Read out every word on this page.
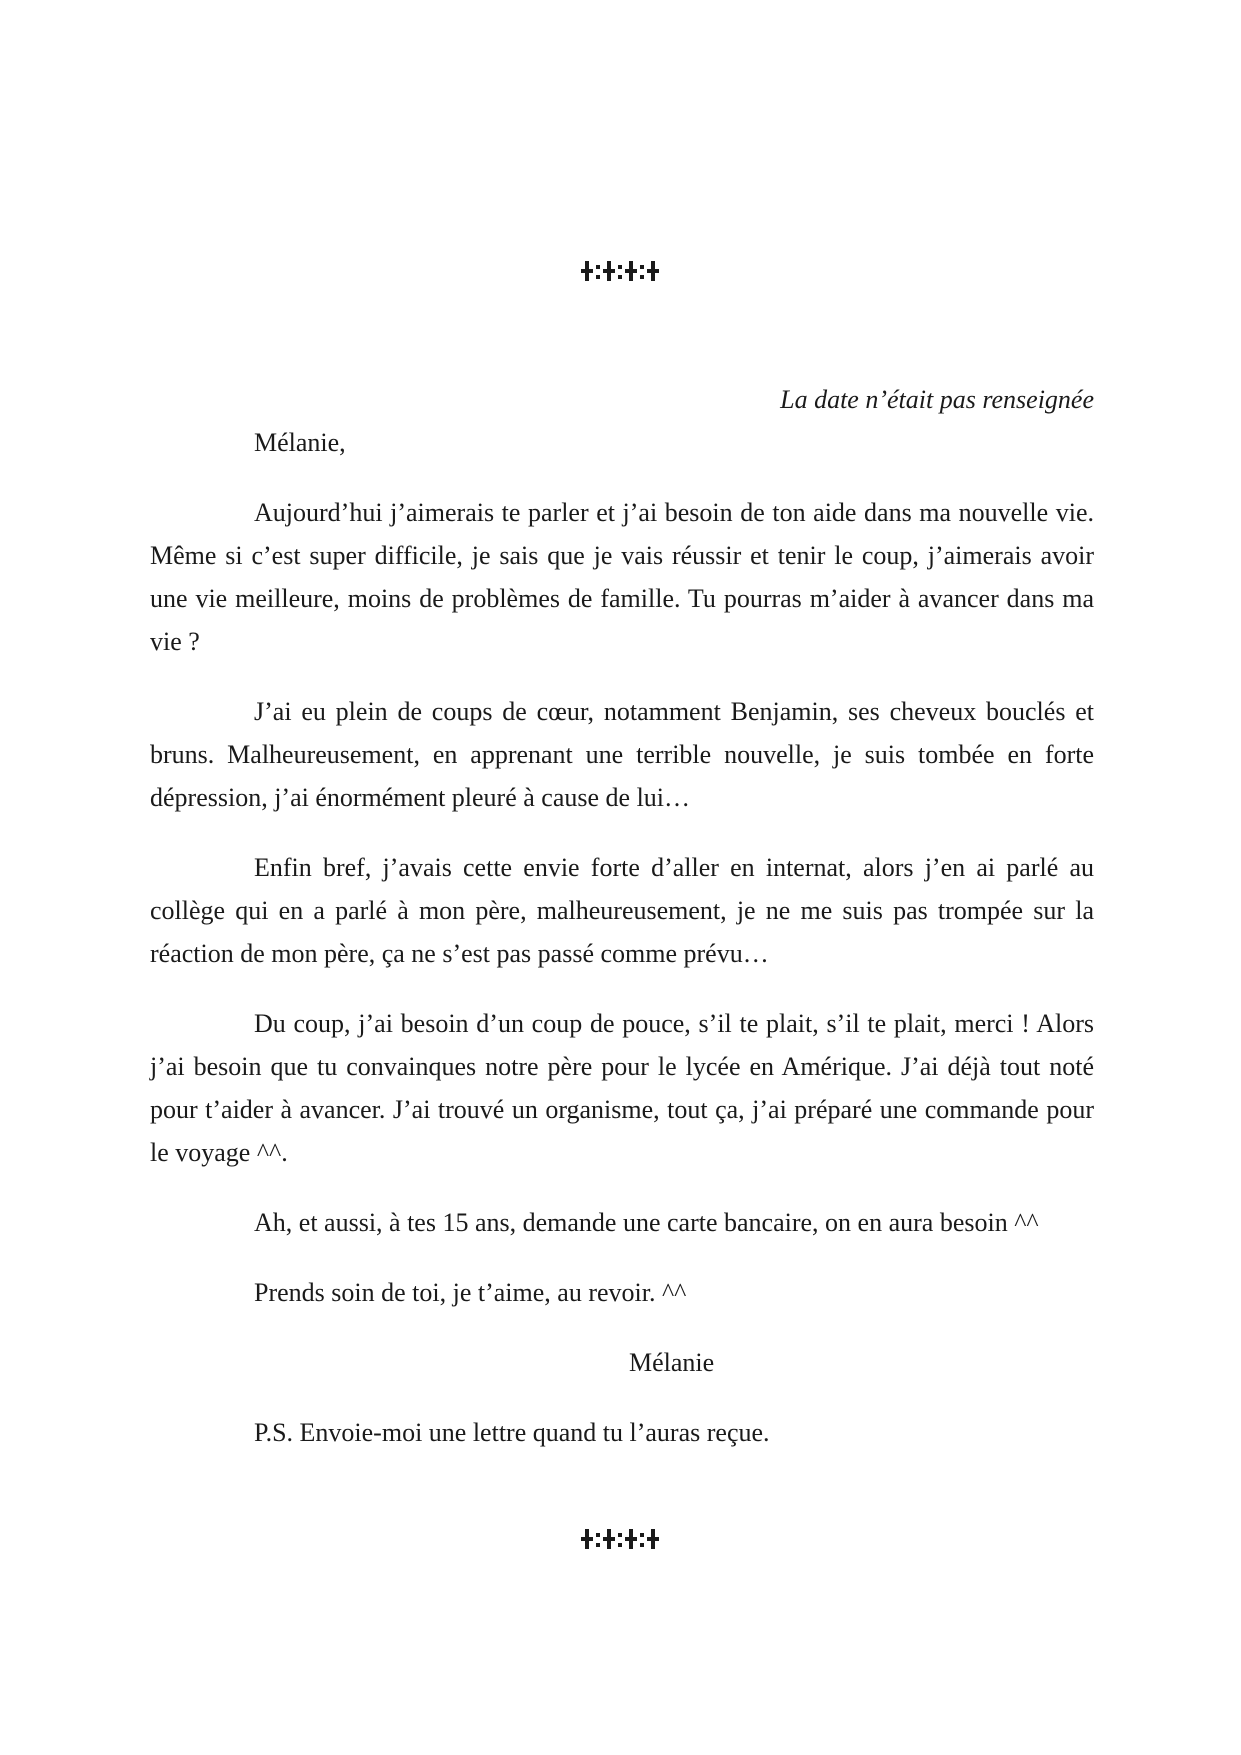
La date n’était pas renseignée

Mélanie,

Aujourd’hui j’aimerais te parler et j’ai besoin de ton aide dans ma nouvelle vie. Même si c’est super difficile, je sais que je vais réussir et tenir le coup, j’aimerais avoir une vie meilleure, moins de problèmes de famille. Tu pourras m’aider à avancer dans ma vie ?

J’ai eu plein de coups de cœur, notamment Benjamin, ses cheveux bouclés et bruns. Malheureusement, en apprenant une terrible nouvelle, je suis tombée en forte dépression, j’ai énormément pleuré à cause de lui…

Enfin bref, j’avais cette envie forte d’aller en internat, alors j’en ai parlé au collège qui en a parlé à mon père, malheureusement, je ne me suis pas trompée sur la réaction de mon père, ça ne s’est pas passé comme prévu…

Du coup, j’ai besoin d’un coup de pouce, s’il te plait, s’il te plait, merci ! Alors j’ai besoin que tu convainques notre père pour le lycée en Amérique. J’ai déjà tout noté pour t’aider à avancer. J’ai trouvé un organisme, tout ça, j’ai préparé une commande pour le voyage ^^.

Ah, et aussi, à tes 15 ans, demande une carte bancaire, on en aura besoin ^^

Prends soin de toi, je t’aime, au revoir. ^^

Mélanie

P.S. Envoie-moi une lettre quand tu l’auras reçue.
